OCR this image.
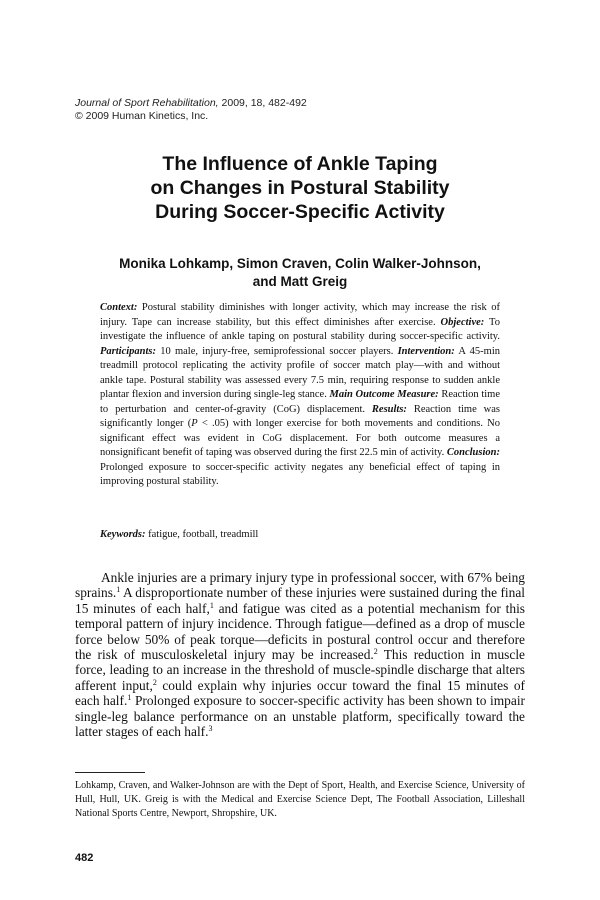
Journal of Sport Rehabilitation, 2009, 18, 482-492
© 2009 Human Kinetics, Inc.
The Influence of Ankle Taping
on Changes in Postural Stability
During Soccer-Specific Activity
Monika Lohkamp, Simon Craven, Colin Walker-Johnson,
and Matt Greig
Context: Postural stability diminishes with longer activity, which may increase the risk of injury. Tape can increase stability, but this effect diminishes after exercise. Objective: To investigate the influence of ankle taping on postural stability during soccer-specific activity. Participants: 10 male, injury-free, semiprofessional soccer players. Intervention: A 45-min treadmill protocol replicating the activity profile of soccer match play—with and without ankle tape. Postural stability was assessed every 7.5 min, requiring response to sudden ankle plantar flexion and inversion during single-leg stance. Main Outcome Measure: Reaction time to perturbation and center-of-gravity (CoG) displacement. Results: Reaction time was significantly longer (P < .05) with longer exercise for both movements and conditions. No significant effect was evident in CoG displacement. For both outcome measures a nonsignificant benefit of taping was observed during the first 22.5 min of activity. Conclusion: Prolonged exposure to soccer-specific activity negates any beneficial effect of taping in improving postural stability.
Keywords: fatigue, football, treadmill
Ankle injuries are a primary injury type in professional soccer, with 67% being sprains.$^1$ A disproportionate number of these injuries were sustained during the final 15 minutes of each half,$^1$ and fatigue was cited as a potential mechanism for this temporal pattern of injury incidence. Through fatigue—defined as a drop of muscle force below 50% of peak torque—deficits in postural control occur and therefore the risk of musculoskeletal injury may be increased.$^2$ This reduction in muscle force, leading to an increase in the threshold of muscle-spindle discharge that alters afferent input,$^2$ could explain why injuries occur toward the final 15 minutes of each half.$^1$ Prolonged exposure to soccer-specific activity has been shown to impair single-leg balance performance on an unstable platform, specifically toward the latter stages of each half.$^3$
Lohkamp, Craven, and Walker-Johnson are with the Dept of Sport, Health, and Exercise Science, University of Hull, Hull, UK. Greig is with the Medical and Exercise Science Dept, The Football Association, Lilleshall National Sports Centre, Newport, Shropshire, UK.
482
